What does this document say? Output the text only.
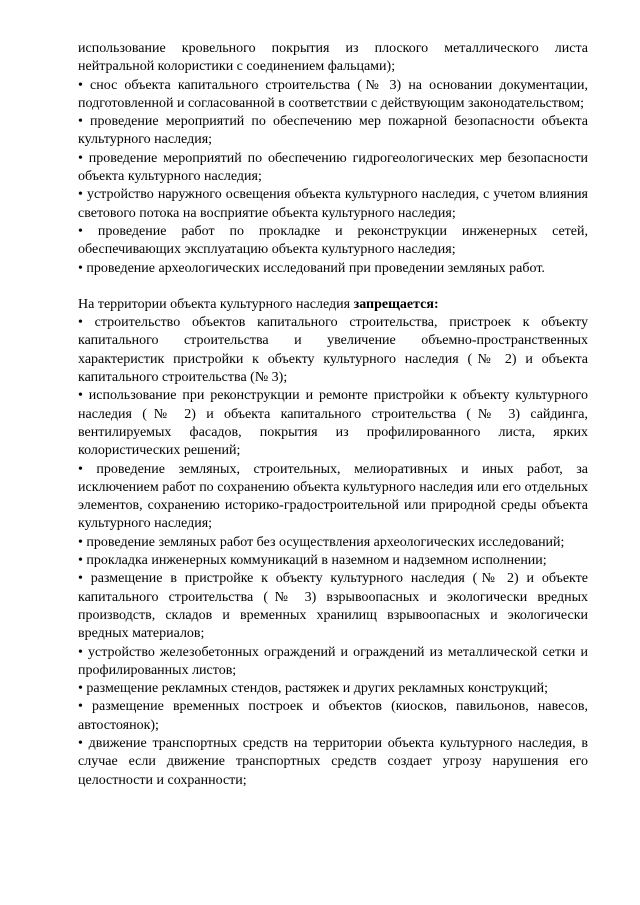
использование кровельного покрытия из плоского металлического листа нейтральной колористики с соединением фальцами);

• снос объекта капитального строительства (№ 3) на основании документации, подготовленной и согласованной в соответствии с действующим законодательством;

• проведение мероприятий по обеспечению мер пожарной безопасности объекта культурного наследия;

• проведение мероприятий по обеспечению гидрогеологических мер безопасности объекта культурного наследия;

• устройство наружного освещения объекта культурного наследия, с учетом влияния светового потока на восприятие объекта культурного наследия;

• проведение работ по прокладке и реконструкции инженерных сетей, обеспечивающих эксплуатацию объекта культурного наследия;

• проведение археологических исследований при проведении земляных работ.

На территории объекта культурного наследия запрещается:

• строительство объектов капитального строительства, пристроек к объекту капитального строительства и увеличение объемно-пространственных характеристик пристройки к объекту культурного наследия (№ 2) и объекта капитального строительства (№ 3);

• использование при реконструкции и ремонте пристройки к объекту культурного наследия (№ 2) и объекта капитального строительства (№ 3) сайдинга, вентилируемых фасадов, покрытия из профилированного листа, ярких колористических решений;

• проведение земляных, строительных, мелиоративных и иных работ, за исключением работ по сохранению объекта культурного наследия или его отдельных элементов, сохранению историко-градостроительной или природной среды объекта культурного наследия;

• проведение земляных работ без осуществления археологических исследований;

• прокладка инженерных коммуникаций в наземном и надземном исполнении;

• размещение в пристройке к объекту культурного наследия (№ 2) и объекте капитального строительства (№ 3) взрывоопасных и экологически вредных производств, складов и временных хранилищ взрывоопасных и экологически вредных материалов;

• устройство железобетонных ограждений и ограждений из металлической сетки и профилированных листов;

• размещение рекламных стендов, растяжек и других рекламных конструкций;

• размещение временных построек и объектов (киосков, павильонов, навесов, автостоянок);

• движение транспортных средств на территории объекта культурного наследия, в случае если движение транспортных средств создает угрозу нарушения его целостности и сохранности;
